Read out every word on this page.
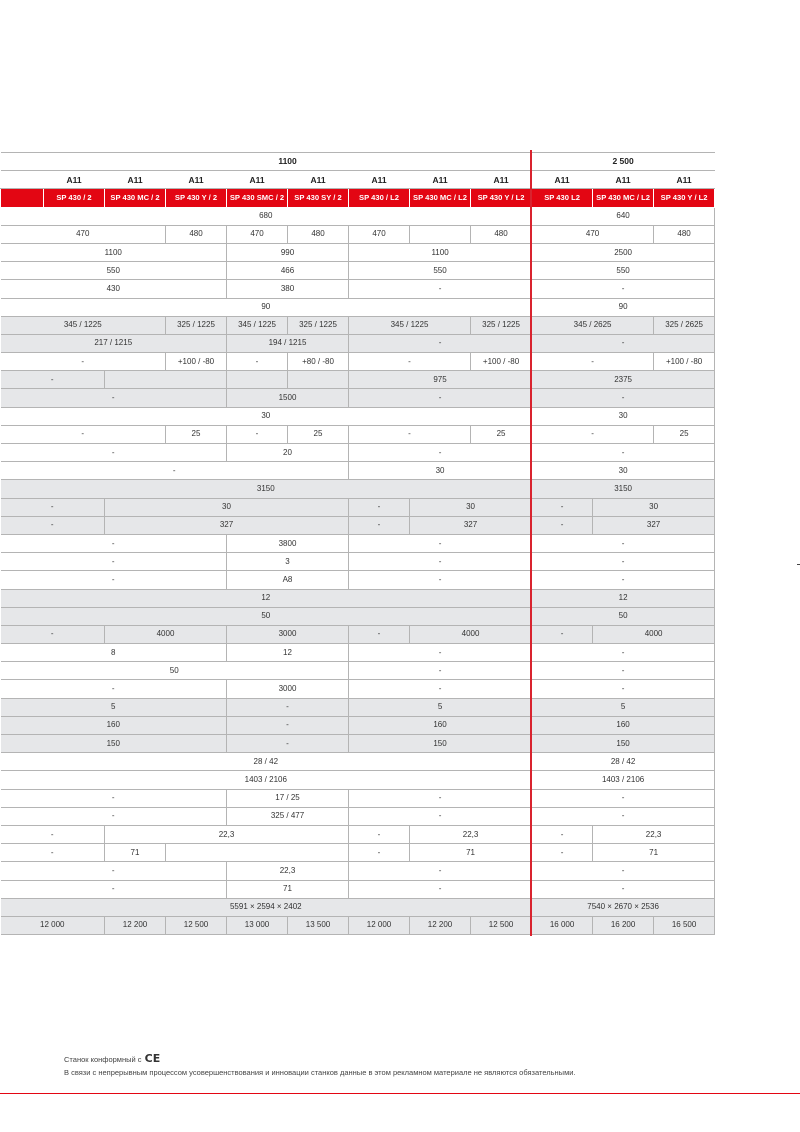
	1100								2 500		
	A11	A11	A11	A11	A11	A11	A11	A11	A11	A11	A11
	SP 430 / 2	SP 430 MC / 2	SP 430 Y / 2	SP 430 SMC / 2	SP 430 SY / 2	SP 430 / L2	SP 430 MC / L2	SP 430 Y / L2	SP 430 L2	SP 430 MC / L2	SP 430 Y / L2
680									640		
470			480	470	480	470		480	470		480
1100				990		1100			2500		
550				466		550			550		
430				380		-			-		
90									90		
345 / 1225			325 / 1225	345 / 1225	325 / 1225	345 / 1225		325 / 1225	345 / 2625		325 / 2625
217 / 1215				194 / 1215		-			-		
-			+100 / -80	-	+80 / -80	-		+100 / -80	-		+100 / -80
-						975			2375		
-				1500		-			-		
30									30		
-			25	-	25	-		25	-		25
-				20		-			-		
-						30			30		
3150									3150		
-		30				-	30		-	30	
-		327				-	327		-	327	
-				3800		-			-		
-				3		-			-		
-				A8		-			-		
12									12		
50									50		
-		4000		3000		-	4000		-	4000	
8				12		-			-		
50						-			-		
-				3000		-			-		
5				-		5			5		
160				-		160			160		
150				-		150			150		
28 / 42									28 / 42		
1403 / 2106									1403 / 2106		
-				17 / 25		-			-		
-				325 / 477		-			-		
-		22,3				-	22,3		-	22,3	
-		71				-	71		-	71	
-				22,3		-			-		
-				71		-			-		
5591 × 2594 × 2402									7540 × 2670 × 2536		
12 000		12 200	12 500	13 000	13 500	12 000	12 200	12 500	16 000	16 200	16 500
Станок конформный с CE
В связи с непрерывным процессом усовершенствования и инновации станков данные в этом рекламном материале не являются обязательными.
